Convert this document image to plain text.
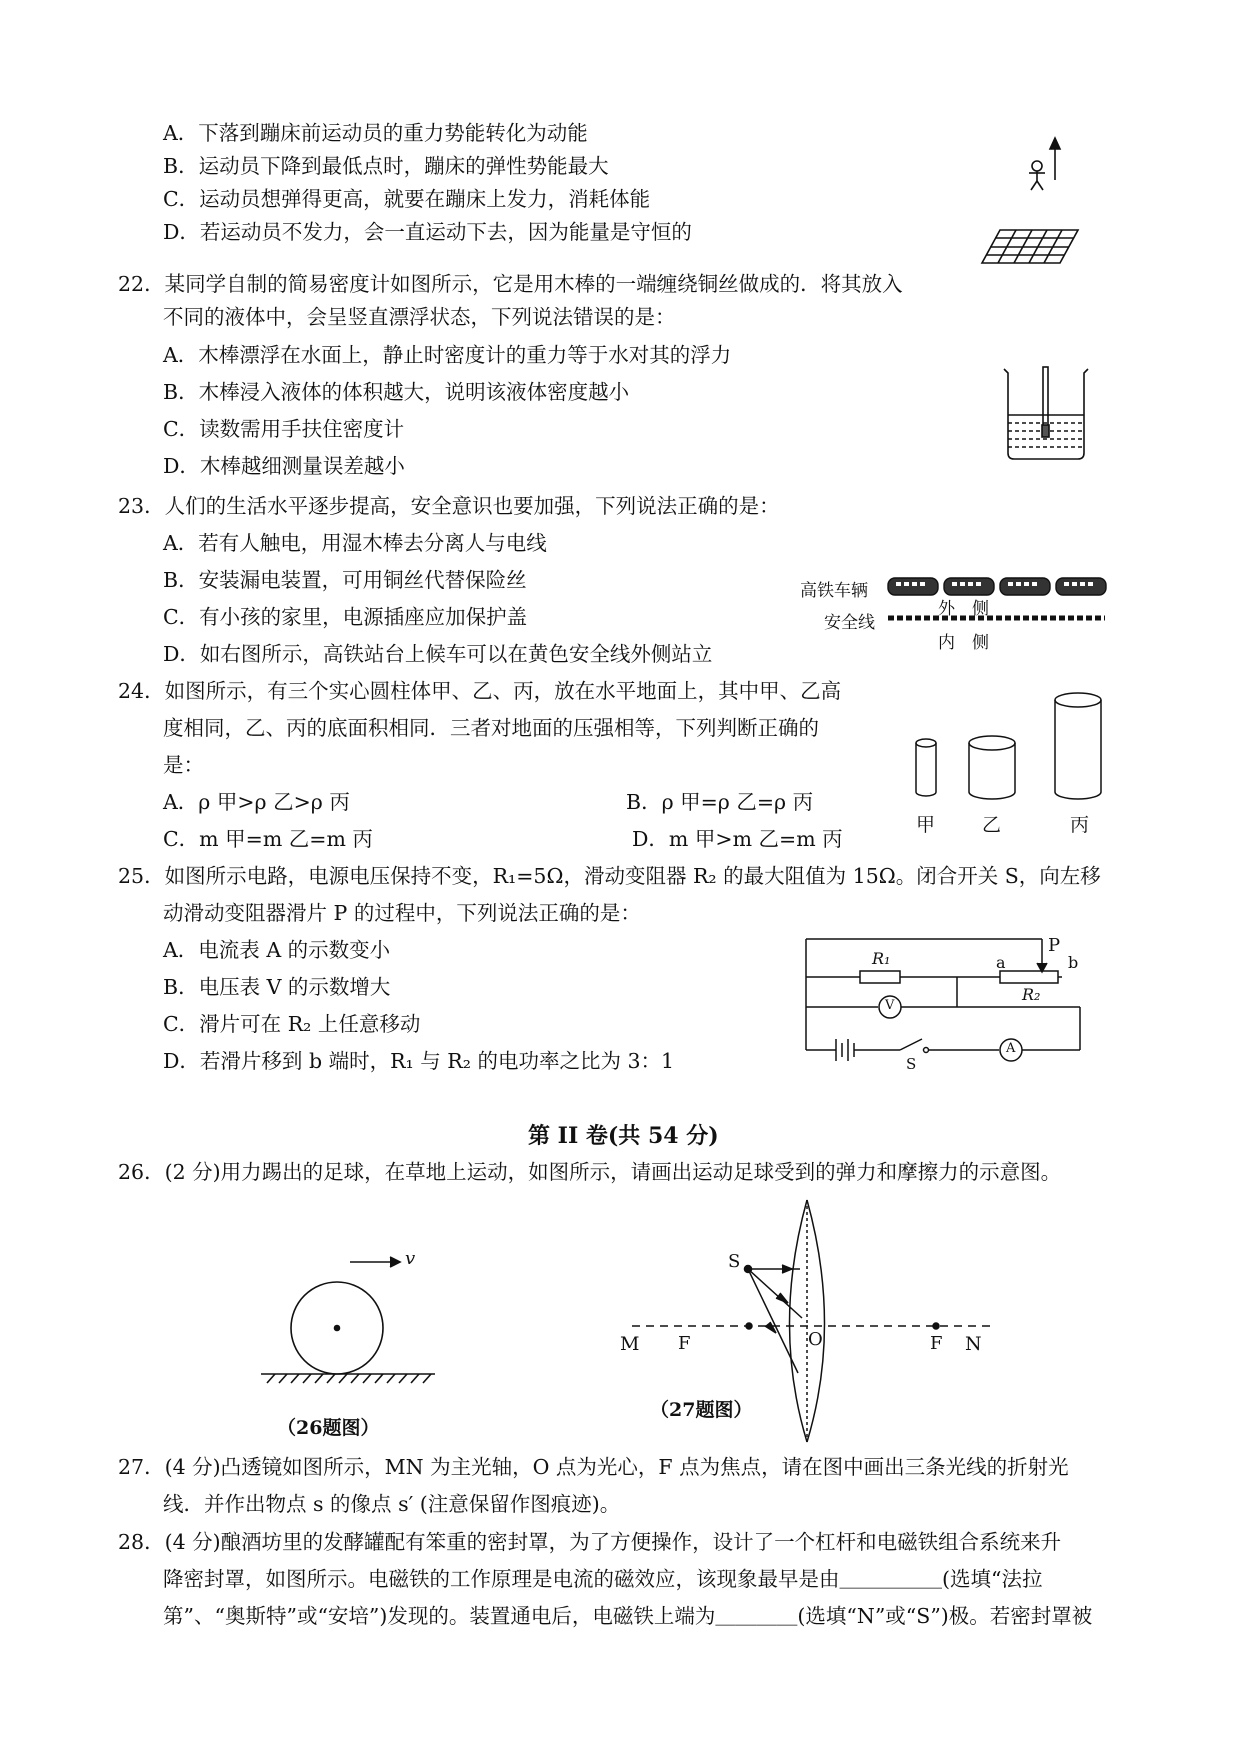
A．下落到蹦床前运动员的重力势能转化为动能
B．运动员下降到最低点时，蹦床的弹性势能最大
C．运动员想弹得更高，就要在蹦床上发力，消耗体能
D．若运动员不发力，会一直运动下去，因为能量是守恒的
22．某同学自制的简易密度计如图所示，它是用木棒的一端缠绕铜丝做成的．将其放入
不同的液体中，会呈竖直漂浮状态，下列说法错误的是：
A．木棒漂浮在水面上，静止时密度计的重力等于水对其的浮力
B．木棒浸入液体的体积越大，说明该液体密度越小
C．读数需用手扶住密度计
D．木棒越细测量误差越小
23．人们的生活水平逐步提高，安全意识也要加强，下列说法正确的是：
A．若有人触电，用湿木棒去分离人与电线
B．安装漏电装置，可用铜丝代替保险丝
C．有小孩的家里，电源插座应加保护盖
D．如右图所示，高铁站台上候车可以在黄色安全线外侧站立
高铁车辆
安全线
外　侧
内　侧
24．如图所示，有三个实心圆柱体甲、乙、丙，放在水平地面上，其中甲、乙高
度相同，乙、丙的底面积相同．三者对地面的压强相等，下列判断正确的
是：
A．ρ 甲>ρ 乙>ρ 丙	B．ρ 甲=ρ 乙=ρ 丙
C．m 甲=m 乙=m 丙	D．m 甲>m 乙=m 丙
甲 乙	丙
25．如图所示电路，电源电压保持不变，R₁=5Ω，滑动变阻器 R₂ 的最大阻值为 15Ω。闭合开关 S，向左移
动滑动变阻器滑片 P 的过程中，下列说法正确的是：
A．电流表 A 的示数变小
B．电压表 V 的示数增大
C．滑片可在 R₂ 上任意移动
D．若滑片移到 b 端时，R₁ 与 R₂ 的电功率之比为 3：1
P
R₁	a	b
R₂
V
A
S
第 II 卷(共 54 分)
26．(2 分)用力踢出的足球，在草地上运动，如图所示，请画出运动足球受到的弹力和摩擦力的示意图。
v
（26题图）
S
M F	O	F N
（27题图）
27．(4 分)凸透镜如图所示，MN 为主光轴，O 点为光心，F 点为焦点，请在图中画出三条光线的折射光
线．并作出物点 s 的像点 s′ (注意保留作图痕迹)。
28．(4 分)酿酒坊里的发酵罐配有笨重的密封罩，为了方便操作，设计了一个杠杆和电磁铁组合系统来升
降密封罩，如图所示。电磁铁的工作原理是电流的磁效应，该现象最早是由＿＿＿＿＿(选填“法拉
第”、“奥斯特”或“安培”)发现的。装置通电后，电磁铁上端为＿＿＿＿(选填“N”或“S”)极。若密封罩被
